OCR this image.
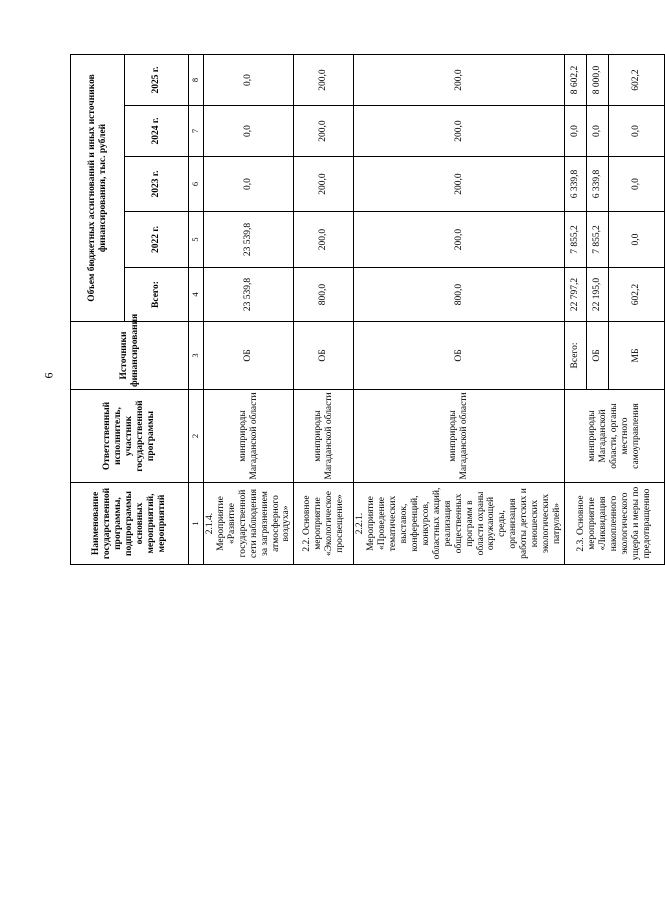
6
Наименование государственной программы, подпрограммы основных мероприятий, мероприятий	Ответственный исполнитель, участник государственной программы	Источники финансирования	Объем бюджетных ассигнований и иных источников финансирования, тыс. рублей				
			Всего:	2022 г.	2023 г.	2024 г.	2025 г.
1	2	3	4	5	6	7	8
2.1.4. Мероприятие «Развитие государственной сети наблюдения за загрязнением атмосферного воздуха»	минприроды Магаданской области	ОБ	23 539,8	23 539,8	0,0	0,0	0,0
2.2. Основное мероприятие «Экологическое просвещение»	минприроды Магаданской области	ОБ	800,0	200,0	200,0	200,0	200,0
2.2.1. Мероприятие «Проведение тематических выставок, конференций, конкурсов, областных акций, реализация общественных программ в области охраны окружающей среды, организация работы детских и юношеских экологических патрулей»	минприроды Магаданской области	ОБ	800,0	200,0	200,0	200,0	200,0
2.3. Основное мероприятие «Ликвидация накопленного экологического ущерба и меры по предотвращению	минприроды Магаданской области, органы местного самоуправления	Всего:	22 797,2	7 855,2	6 339,8	0,0	8 602,2
		ОБ	22 195,0	7 855,2	6 339,8	0,0	8 000,0
		МБ	602,2	0,0	0,0	0,0	602,2
